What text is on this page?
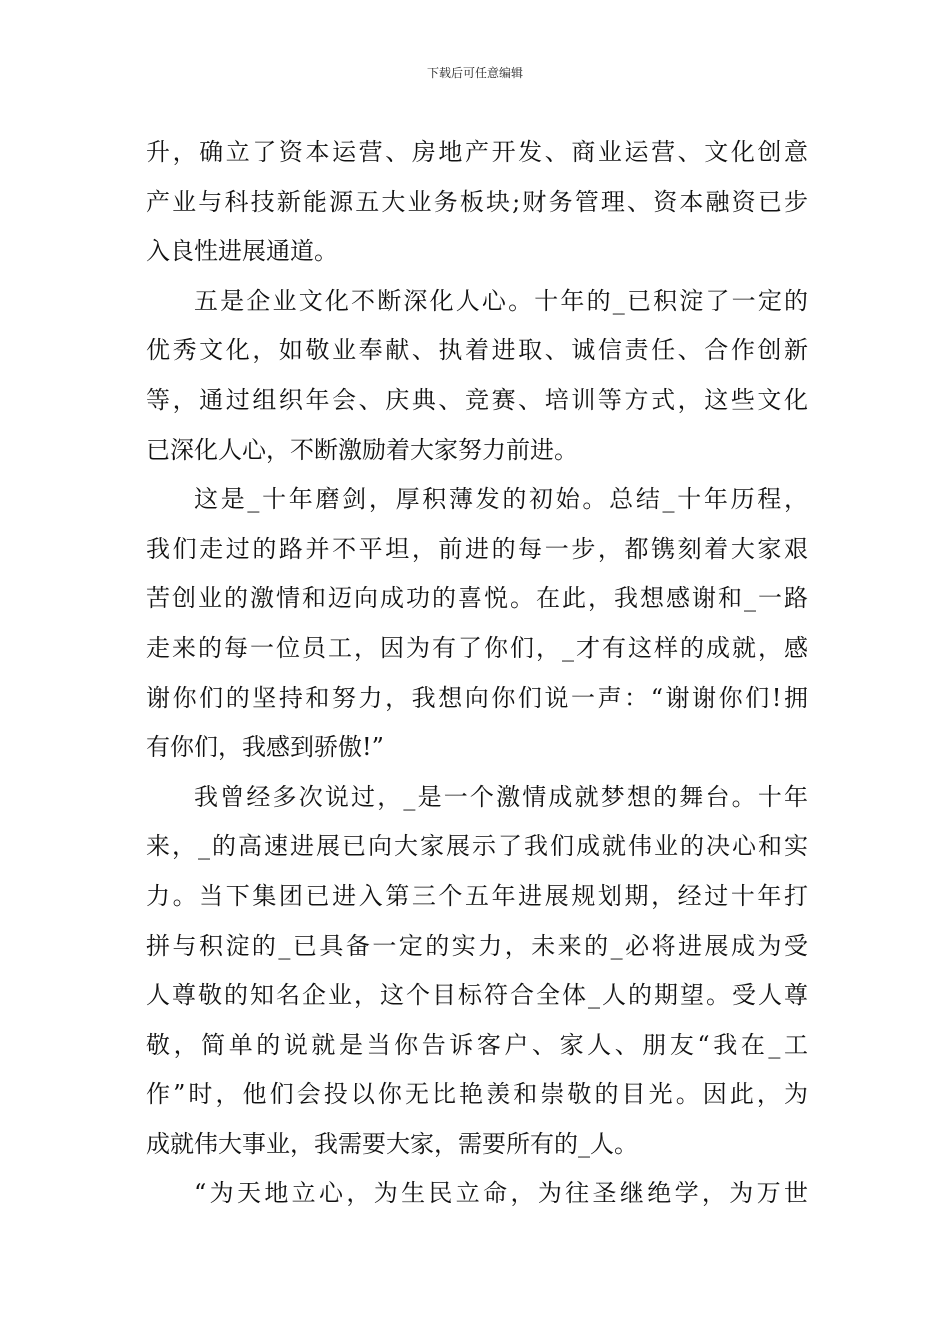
下载后可任意编辑
升，确立了资本运营、房地产开发、商业运营、文化创意
产业与科技新能源五大业务板块;财务管理、资本融资已步
入良性进展通道。
五是企业文化不断深化人心。十年的_已积淀了一定的
优秀文化，如敬业奉献、执着进取、诚信责任、合作创新
等，通过组织年会、庆典、竞赛、培训等方式，这些文化
已深化人心，不断激励着大家努力前进。
这是_十年磨剑，厚积薄发的初始。总结_十年历程，
我们走过的路并不平坦，前进的每一步，都镌刻着大家艰
苦创业的激情和迈向成功的喜悦。在此，我想感谢和_一路
走来的每一位员工，因为有了你们，_才有这样的成就，感
谢你们的坚持和努力，我想向你们说一声：“谢谢你们!拥
有你们，我感到骄傲!”
我曾经多次说过，_是一个激情成就梦想的舞台。十年
来，_的高速进展已向大家展示了我们成就伟业的决心和实
力。当下集团已进入第三个五年进展规划期，经过十年打
拼与积淀的_已具备一定的实力，未来的_必将进展成为受
人尊敬的知名企业，这个目标符合全体_人的期望。受人尊
敬，简单的说就是当你告诉客户、家人、朋友“我在_工
作”时，他们会投以你无比艳羡和崇敬的目光。因此，为
成就伟大事业，我需要大家，需要所有的_人。
“为天地立心，为生民立命，为往圣继绝学，为万世
